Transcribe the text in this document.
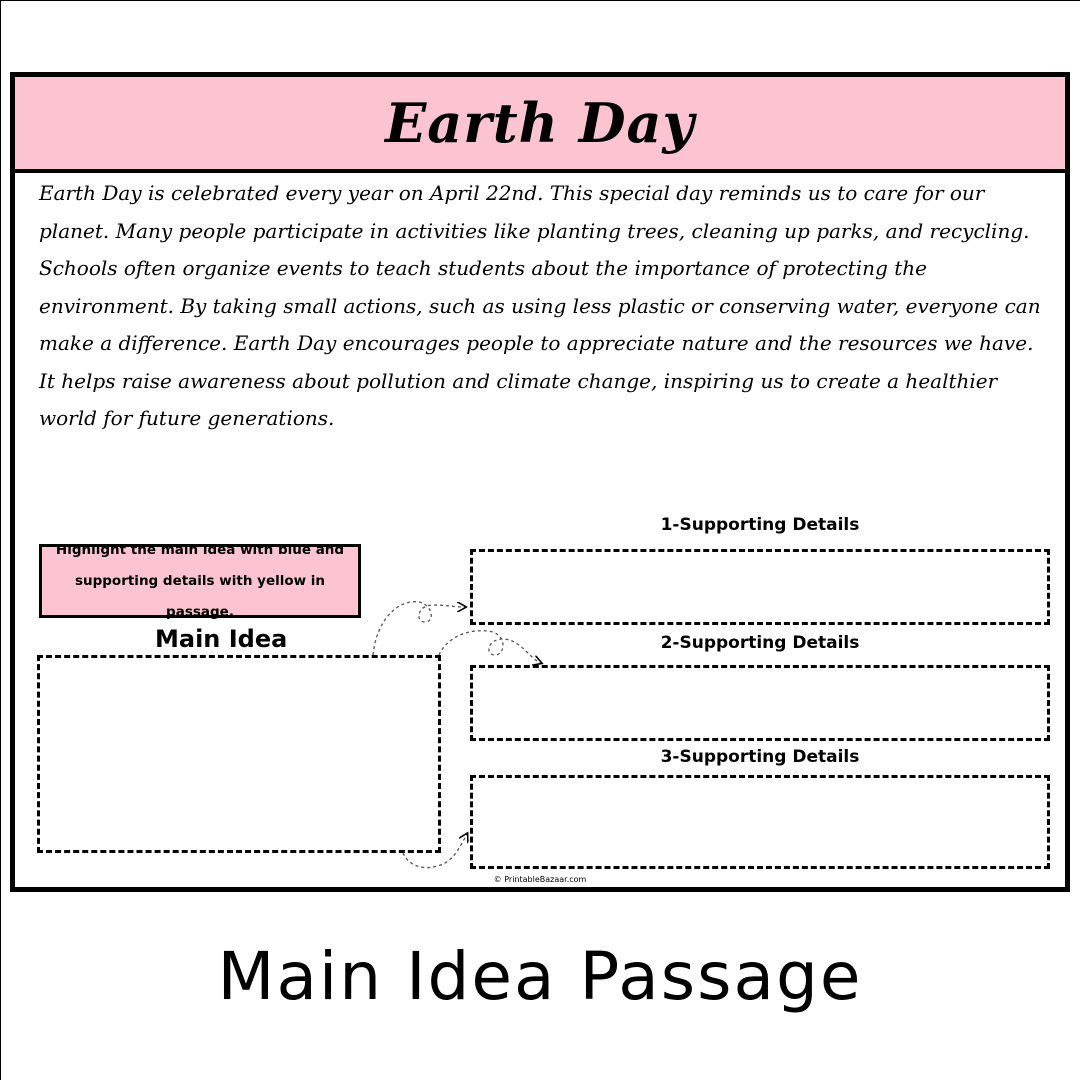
Earth Day

Earth Day is celebrated every year on April 22nd. This special day reminds us to care for our planet. Many people participate in activities like planting trees, cleaning up parks, and recycling. Schools often organize events to teach students about the importance of protecting the environment. By taking small actions, such as using less plastic or conserving water, everyone can make a difference. Earth Day encourages people to appreciate nature and the resources we have. It helps raise awareness about pollution and climate change, inspiring us to create a healthier world for future generations.

Highlight the main idea with blue and supporting details with yellow in passage.
Main Idea
1-Supporting Details
2-Supporting Details
3-Supporting Details
© PrintableBazaar.com
Main Idea Passage
